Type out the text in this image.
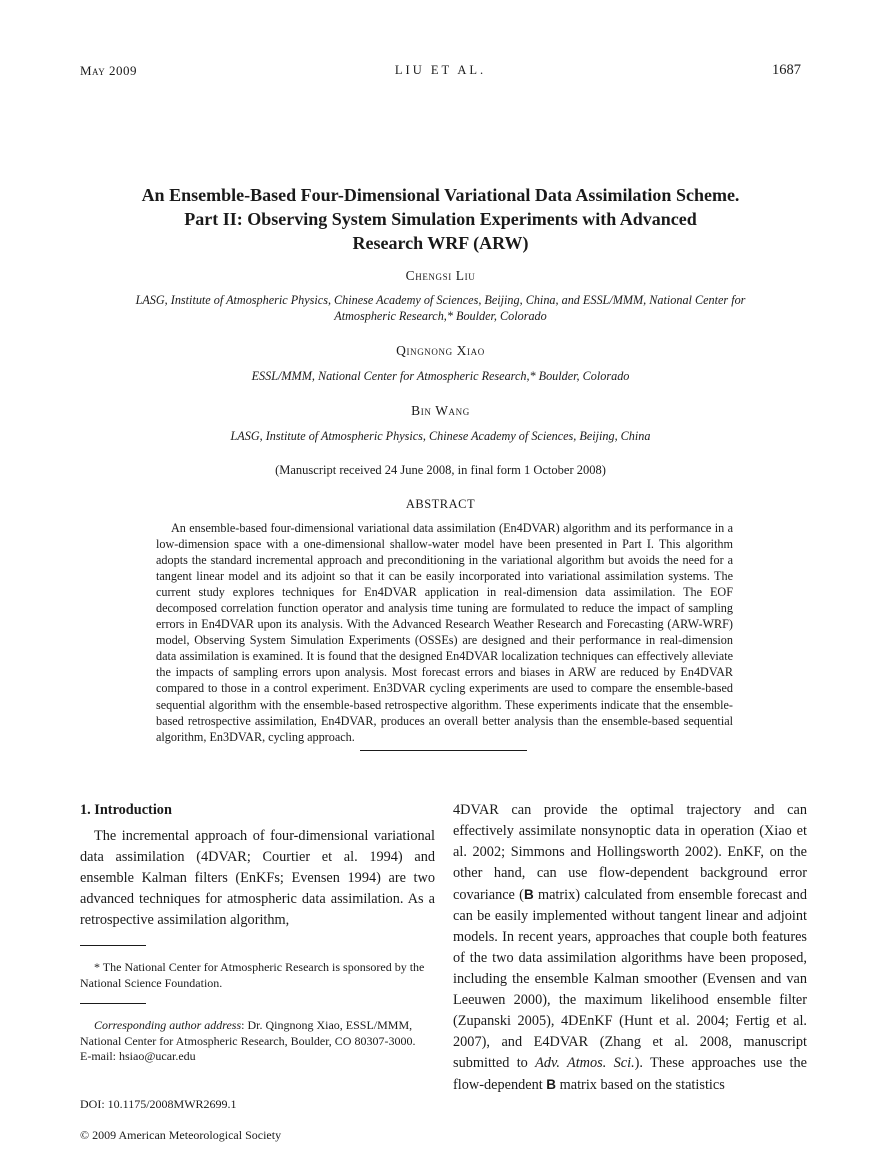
May 2009	LIU ET AL.	1687
An Ensemble-Based Four-Dimensional Variational Data Assimilation Scheme.
Part II: Observing System Simulation Experiments with Advanced
Research WRF (ARW)
Chengsi Liu
LASG, Institute of Atmospheric Physics, Chinese Academy of Sciences, Beijing, China, and ESSL/MMM, National Center for
Atmospheric Research,* Boulder, Colorado
Qingnong Xiao
ESSL/MMM, National Center for Atmospheric Research,* Boulder, Colorado
Bin Wang
LASG, Institute of Atmospheric Physics, Chinese Academy of Sciences, Beijing, China
(Manuscript received 24 June 2008, in final form 1 October 2008)
ABSTRACT

An ensemble-based four-dimensional variational data assimilation (En4DVAR) algorithm and its performance in a low-dimension space with a one-dimensional shallow-water model have been presented in Part I. This algorithm adopts the standard incremental approach and preconditioning in the variational algorithm but avoids the need for a tangent linear model and its adjoint so that it can be easily incorporated into variational assimilation systems. The current study explores techniques for En4DVAR application in real-dimension data assimilation. The EOF decomposed correlation function operator and analysis time tuning are formulated to reduce the impact of sampling errors in En4DVAR upon its analysis. With the Advanced Research Weather Research and Forecasting (ARW-WRF) model, Observing System Simulation Experiments (OSSEs) are designed and their performance in real-dimension data assimilation is examined. It is found that the designed En4DVAR localization techniques can effectively alleviate the impacts of sampling errors upon analysis. Most forecast errors and biases in ARW are reduced by En4DVAR compared to those in a control experiment. En3DVAR cycling experiments are used to compare the ensemble-based sequential algorithm with the ensemble-based retrospective algorithm. These experiments indicate that the ensemble-based retrospective assimilation, En4DVAR, produces an overall better analysis than the ensemble-based sequential algorithm, En3DVAR, cycling approach.

1. Introduction

The incremental approach of four-dimensional variational data assimilation (4DVAR; Courtier et al. 1994) and ensemble Kalman filters (EnKFs; Evensen 1994) are two advanced techniques for atmospheric data assimilation. As a retrospective assimilation algorithm,

* The National Center for Atmospheric Research is sponsored by the National Science Foundation.
Corresponding author address: Dr. Qingnong Xiao, ESSL/MMM, National Center for Atmospheric Research, Boulder, CO 80307-3000.
E-mail: hsiao@ucar.edu
DOI: 10.1175/2008MWR2699.1
© 2009 American Meteorological Society

4DVAR can provide the optimal trajectory and can effectively assimilate nonsynoptic data in operation (Xiao et al. 2002; Simmons and Hollingsworth 2002). EnKF, on the other hand, can use flow-dependent background error covariance (B matrix) calculated from ensemble forecast and can be easily implemented without tangent linear and adjoint models. In recent years, approaches that couple both features of the two data assimilation algorithms have been proposed, including the ensemble Kalman smoother (Evensen and van Leeuwen 2000), the maximum likelihood ensemble filter (Zupanski 2005), 4DEnKF (Hunt et al. 2004; Fertig et al. 2007), and E4DVAR (Zhang et al. 2008, manuscript submitted to Adv. Atmos. Sci.). These approaches use the flow-dependent B matrix based on the statistics
